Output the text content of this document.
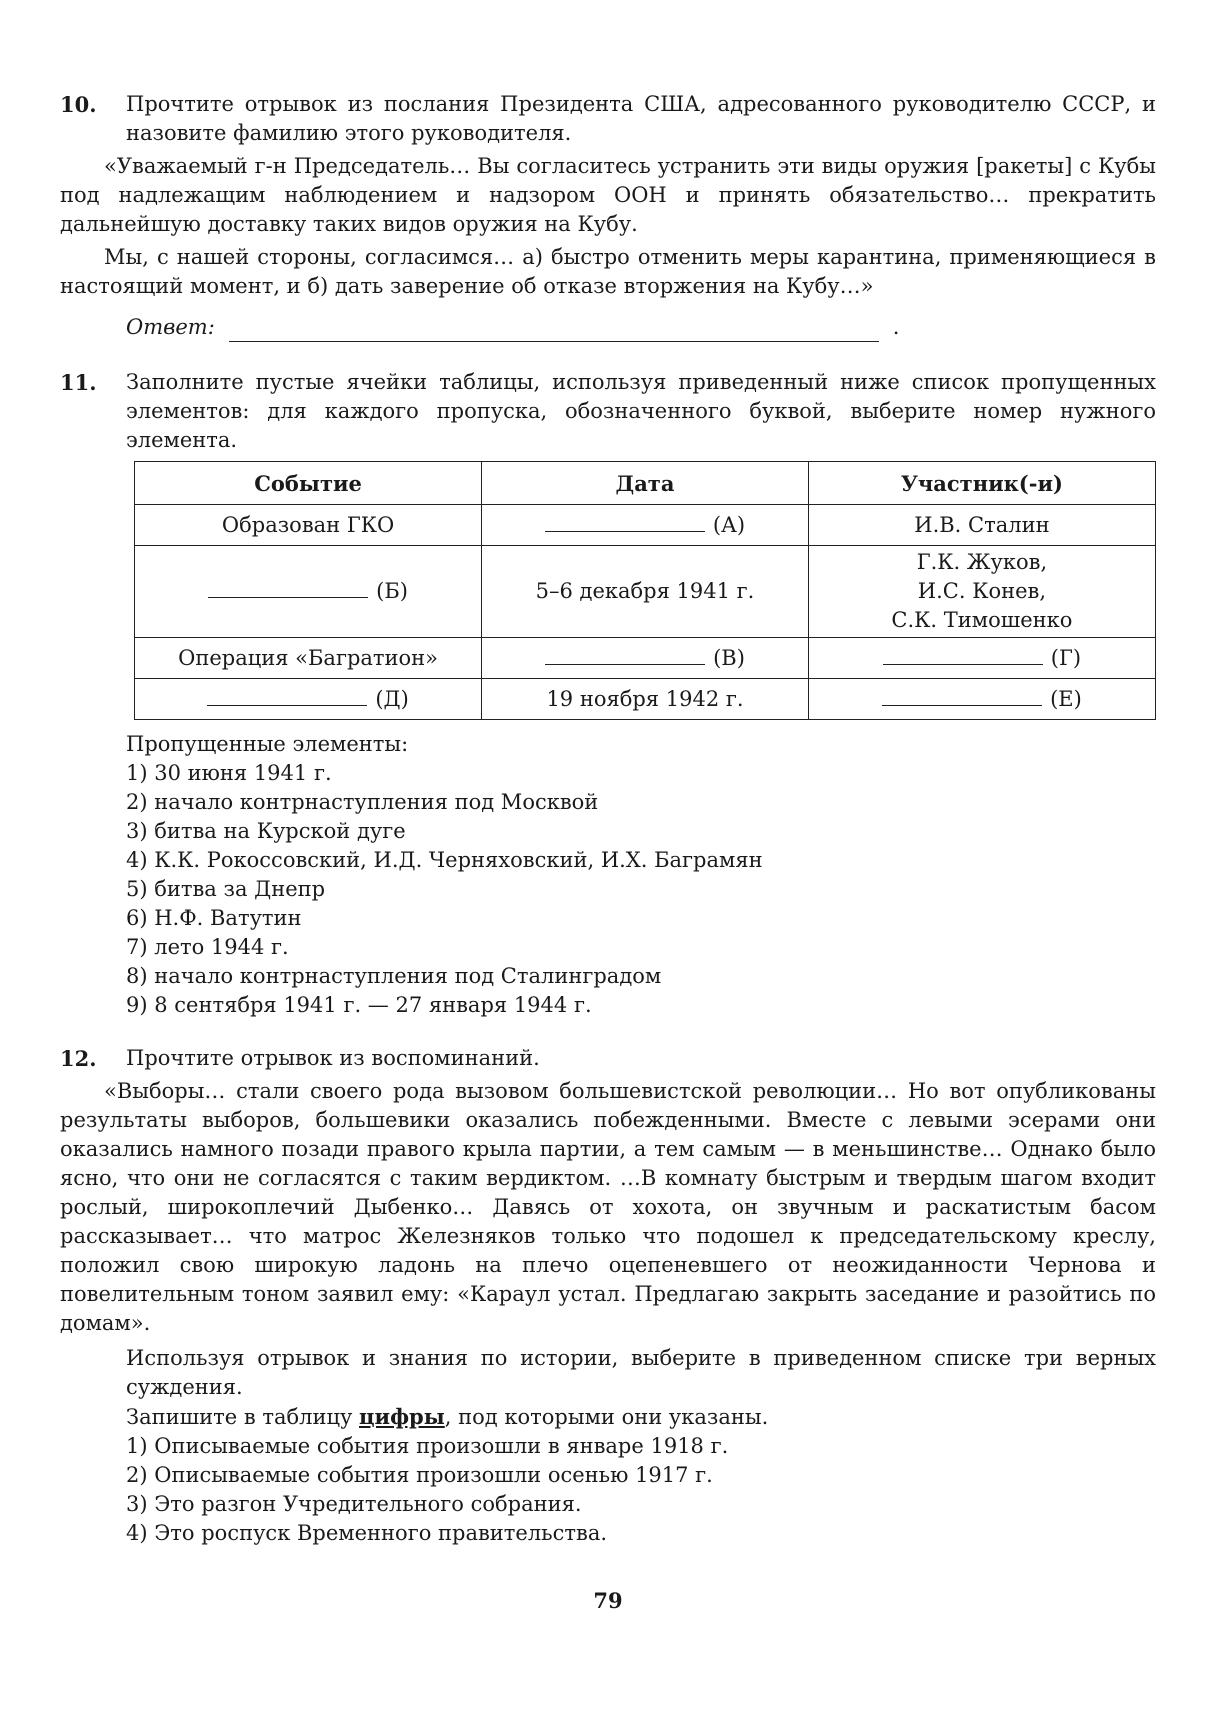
10.	Прочтите отрывок из послания Президента США, адресованного руководителю СССР, и назовите фамилию этого руководителя.

«Уважаемый г-н Председатель… Вы согласитесь устранить эти виды оружия [ракеты] с Кубы под надлежащим наблюдением и надзором ООН и принять обязательство… прекратить дальнейшую доставку таких видов оружия на Кубу.

Мы, с нашей стороны, согласимся… а) быстро отменить меры карантина, применяющиеся в настоящий момент, и б) дать заверение об отказе вторжения на Кубу…»

Ответ:	.
11.	Заполните пустые ячейки таблицы, используя приведенный ниже список пропущенных элементов: для каждого пропуска, обозначенного буквой, выберите номер нужного элемента.
Событие	Дата	Участник(-и)
Образован ГКО	(А)	И.В. Сталин
(Б)	5–6 декабря 1941 г.	Г.К. Жуков,
И.С. Конев,
С.К. Тимошенко

Операция «Багратион»	(В)	(Г)
(Д)	19 ноября 1942 г.	(Е)
Пропущенные элементы:
1) 30 июня 1941 г.
2) начало контрнаступления под Москвой
3) битва на Курской дуге
4) К.К. Рокоссовский, И.Д. Черняховский, И.Х. Баграмян
5) битва за Днепр
6) Н.Ф. Ватутин
7) лето 1944 г.
8) начало контрнаступления под Сталинградом
9) 8 сентября 1941 г. — 27 января 1944 г.
12.	Прочтите отрывок из воспоминаний.

«Выборы… стали своего рода вызовом большевистской революции… Но вот опубликованы результаты выборов, большевики оказались побежденными. Вместе с левыми эсерами они оказались намного позади правого крыла партии, а тем самым — в меньшинстве… Однако было ясно, что они не согласятся с таким вердиктом. …В комнату быстрым и твердым шагом входит рослый, широкоплечий Дыбенко… Давясь от хохота, он звучным и раскатистым басом рассказывает… что матрос Железняков только что подошел к председательскому креслу, положил свою широкую ладонь на плечо оцепеневшего от неожиданности Чернова и повелительным тоном заявил ему: «Караул устал. Предлагаю закрыть заседание и разойтись по домам».

Используя отрывок и знания по истории, выберите в приведенном списке три верных суждения.
Запишите в таблицу цифры, под которыми они указаны.
1) Описываемые события произошли в январе 1918 г.
2) Описываемые события произошли осенью 1917 г.
3) Это разгон Учредительного собрания.
4) Это роспуск Временного правительства.
79
